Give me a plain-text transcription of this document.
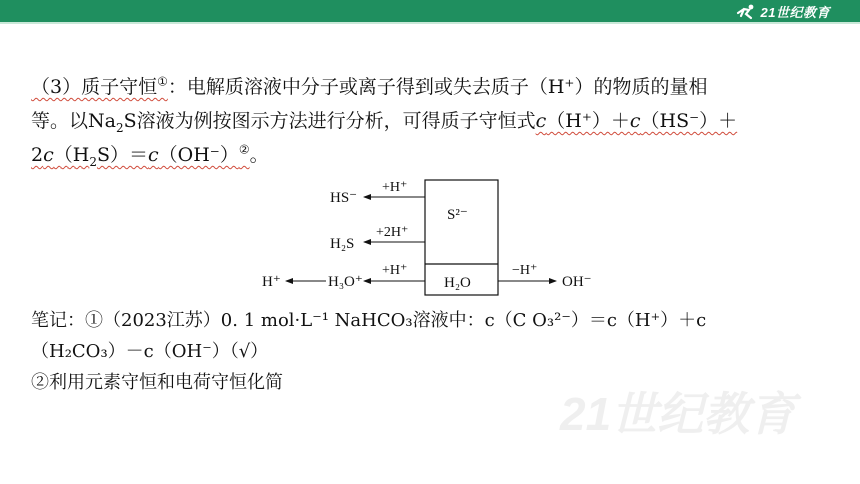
21世纪教育

（3）质子守恒①：电解质溶液中分子或离子得到或失去质子（H⁺）的物质的量相

等。以$Na_2S$溶液为例按图示方法进行分析，可得质子守恒式c（H⁺）＋c（HS⁻）＋

$2c(H_2S)=c(OH^-)^②$。

S²⁻
H₂O
+H⁺
HS⁻
+2H⁺
H₂S
+H⁺
H₃O⁺
H⁺
−H⁺
OH⁻

笔记：①（2023江苏）0. 1 mol·L⁻¹ NaHCO₃溶液中：c（C O₃²⁻）＝c（H⁺）＋c

（H₂CO₃）－c（OH⁻）（√）

②利用元素守恒和电荷守恒化简

21世纪教育
